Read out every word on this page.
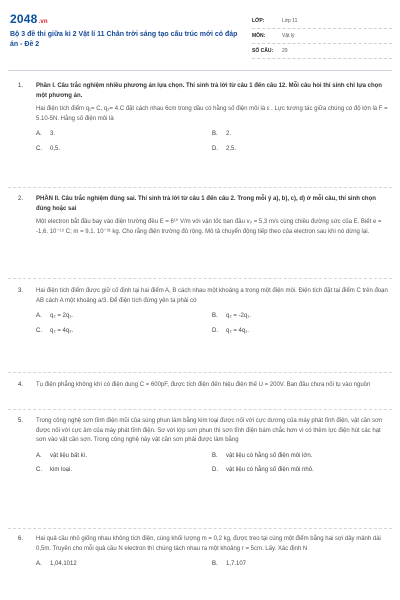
2048.vn
Bộ 3 đề thi giữa kì 2 Vật lí 11 Chân trời sáng tạo cấu trúc mới có đáp án - Đề 2
LỚP:	Lớp 11
MÔN:	Vật lý
SỐ CÂU:	29
1. Phần I. Câu trắc nghiệm nhiều phương án lựa chọn. Thí sinh trả lời từ câu 1 đến câu 12. Mỗi câu hỏi thí sinh chỉ lựa chọn một phương án.

Hai điện tích điểm q₁= C, q₂= 4.C đặt cách nhau 6cm trong dầu có hằng số điện môi là ε . Lực tương tác giữa chúng có độ lớn là F = 5.10-5N. Hằng số điện môi là

A. 3.	B. 2.
C. 0,5.	D. 2,5.
2. PHẦN II. Câu trắc nghiệm đúng sai. Thí sinh trả lời từ câu 1 đến câu 2. Trong mỗi ý a), b), c), d) ở mỗi câu, thí sinh chọn đúng hoặc sai

Một electron bắt đầu bay vào điện trường đều E = 6¹⁰ V/m với vận tốc ban đầu v₀ = 5,3 m/s cùng chiều đường sức của E. Biết e = -1,6. 10⁻¹⁹ C; m = 9,1. 10⁻³¹ kg. Cho rằng điện trường đủ rộng. Mô tả chuyển động tiếp theo của electron sau khi nó dừng lại.

3. Hai điện tích điểm được giữ cố định tại hai điểm A, B cách nhau một khoảng a trong một điện môi. Điện tích đặt tại điểm C trên đoạn AB cách A một khoảng a/3. Để điện tích đứng yên ta phải có

A. q₂ = 2q₁.	B. q₂ = -2q₁.
C. q₂ = 4q₃.	D. q₂ = 4q₁.
4. Tụ điện phẳng không khí có điện dung C = 600pF, được tích điện đến hiệu điện thế U = 200V. Ban đầu chưa nối tụ vào nguồn

5. Trong công nghệ sơn tĩnh điện mũi của súng phun làm bằng kim loại được nối với cực dương của máy phát tĩnh điện, vật cần sơn được nối với cực âm của máy phát tĩnh điện. Sơ với lớp sơn phun thì sơn tĩnh điện bám chắc hơn vì có thêm lực điện hút các hạt sơn vào vật cần sơn. Trong công nghệ này vật cần sơn phải được làm bằng

A. vật liệu bất kì.	B. vật liệu có hằng số điện môi lớn.
C. kim loại.	D. vật liệu có hằng số điện môi nhỏ.
6. Hai quả cầu nhỏ giống nhau không tích điện, cùng khối lượng m = 0,2 kg, được treo tại cùng một điểm bằng hai sợi dây mảnh dài 0,5m. Truyền cho mỗi quả cầu N electron thì chúng tách nhau ra một khoảng r = 5cm. Lấy. Xác định N

A. 1,04.1012	B. 1,7.107
